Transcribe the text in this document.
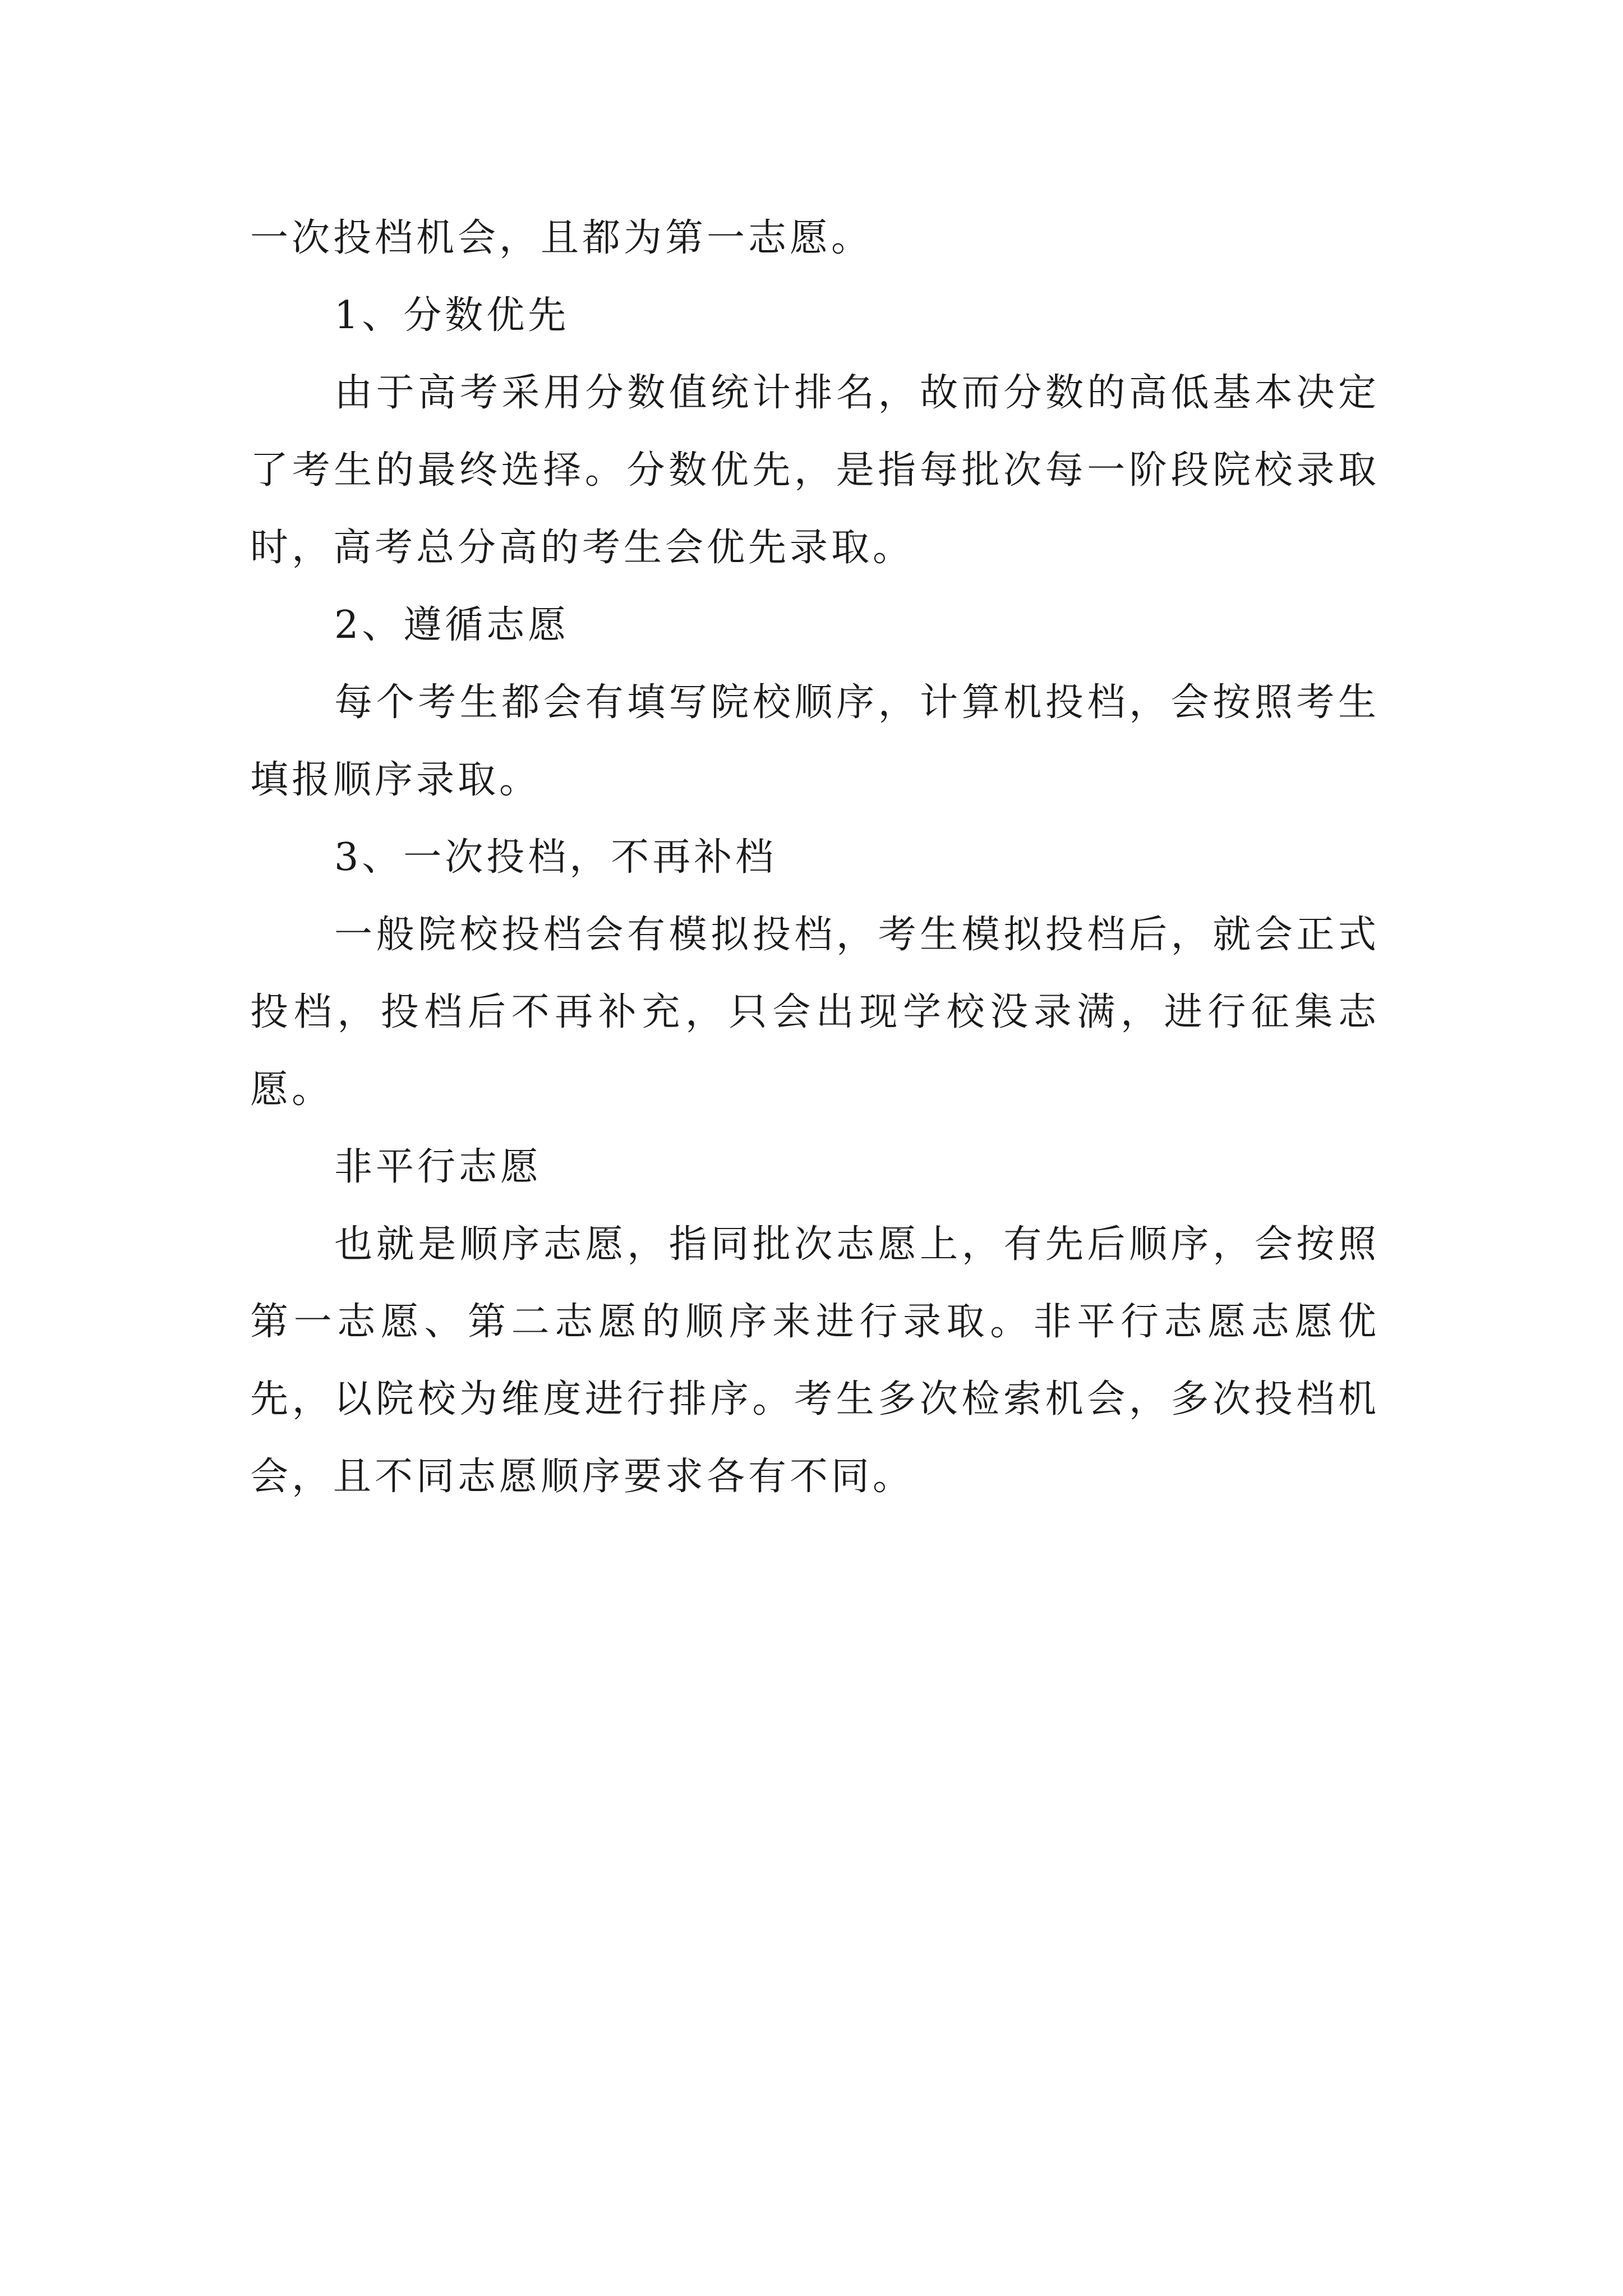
一次投档机会，且都为第一志愿。

1、分数优先

由于高考采用分数值统计排名，故而分数的高低基本决定了考生的最终选择。分数优先，是指每批次每一阶段院校录取时，高考总分高的考生会优先录取。

2、遵循志愿

每个考生都会有填写院校顺序，计算机投档，会按照考生填报顺序录取。

3、一次投档，不再补档

一般院校投档会有模拟投档，考生模拟投档后，就会正式投档，投档后不再补充，只会出现学校没录满，进行征集志愿。

非平行志愿

也就是顺序志愿，指同批次志愿上，有先后顺序，会按照第一志愿、第二志愿的顺序来进行录取。非平行志愿志愿优先，以院校为维度进行排序。考生多次检索机会，多次投档机会，且不同志愿顺序要求各有不同。
